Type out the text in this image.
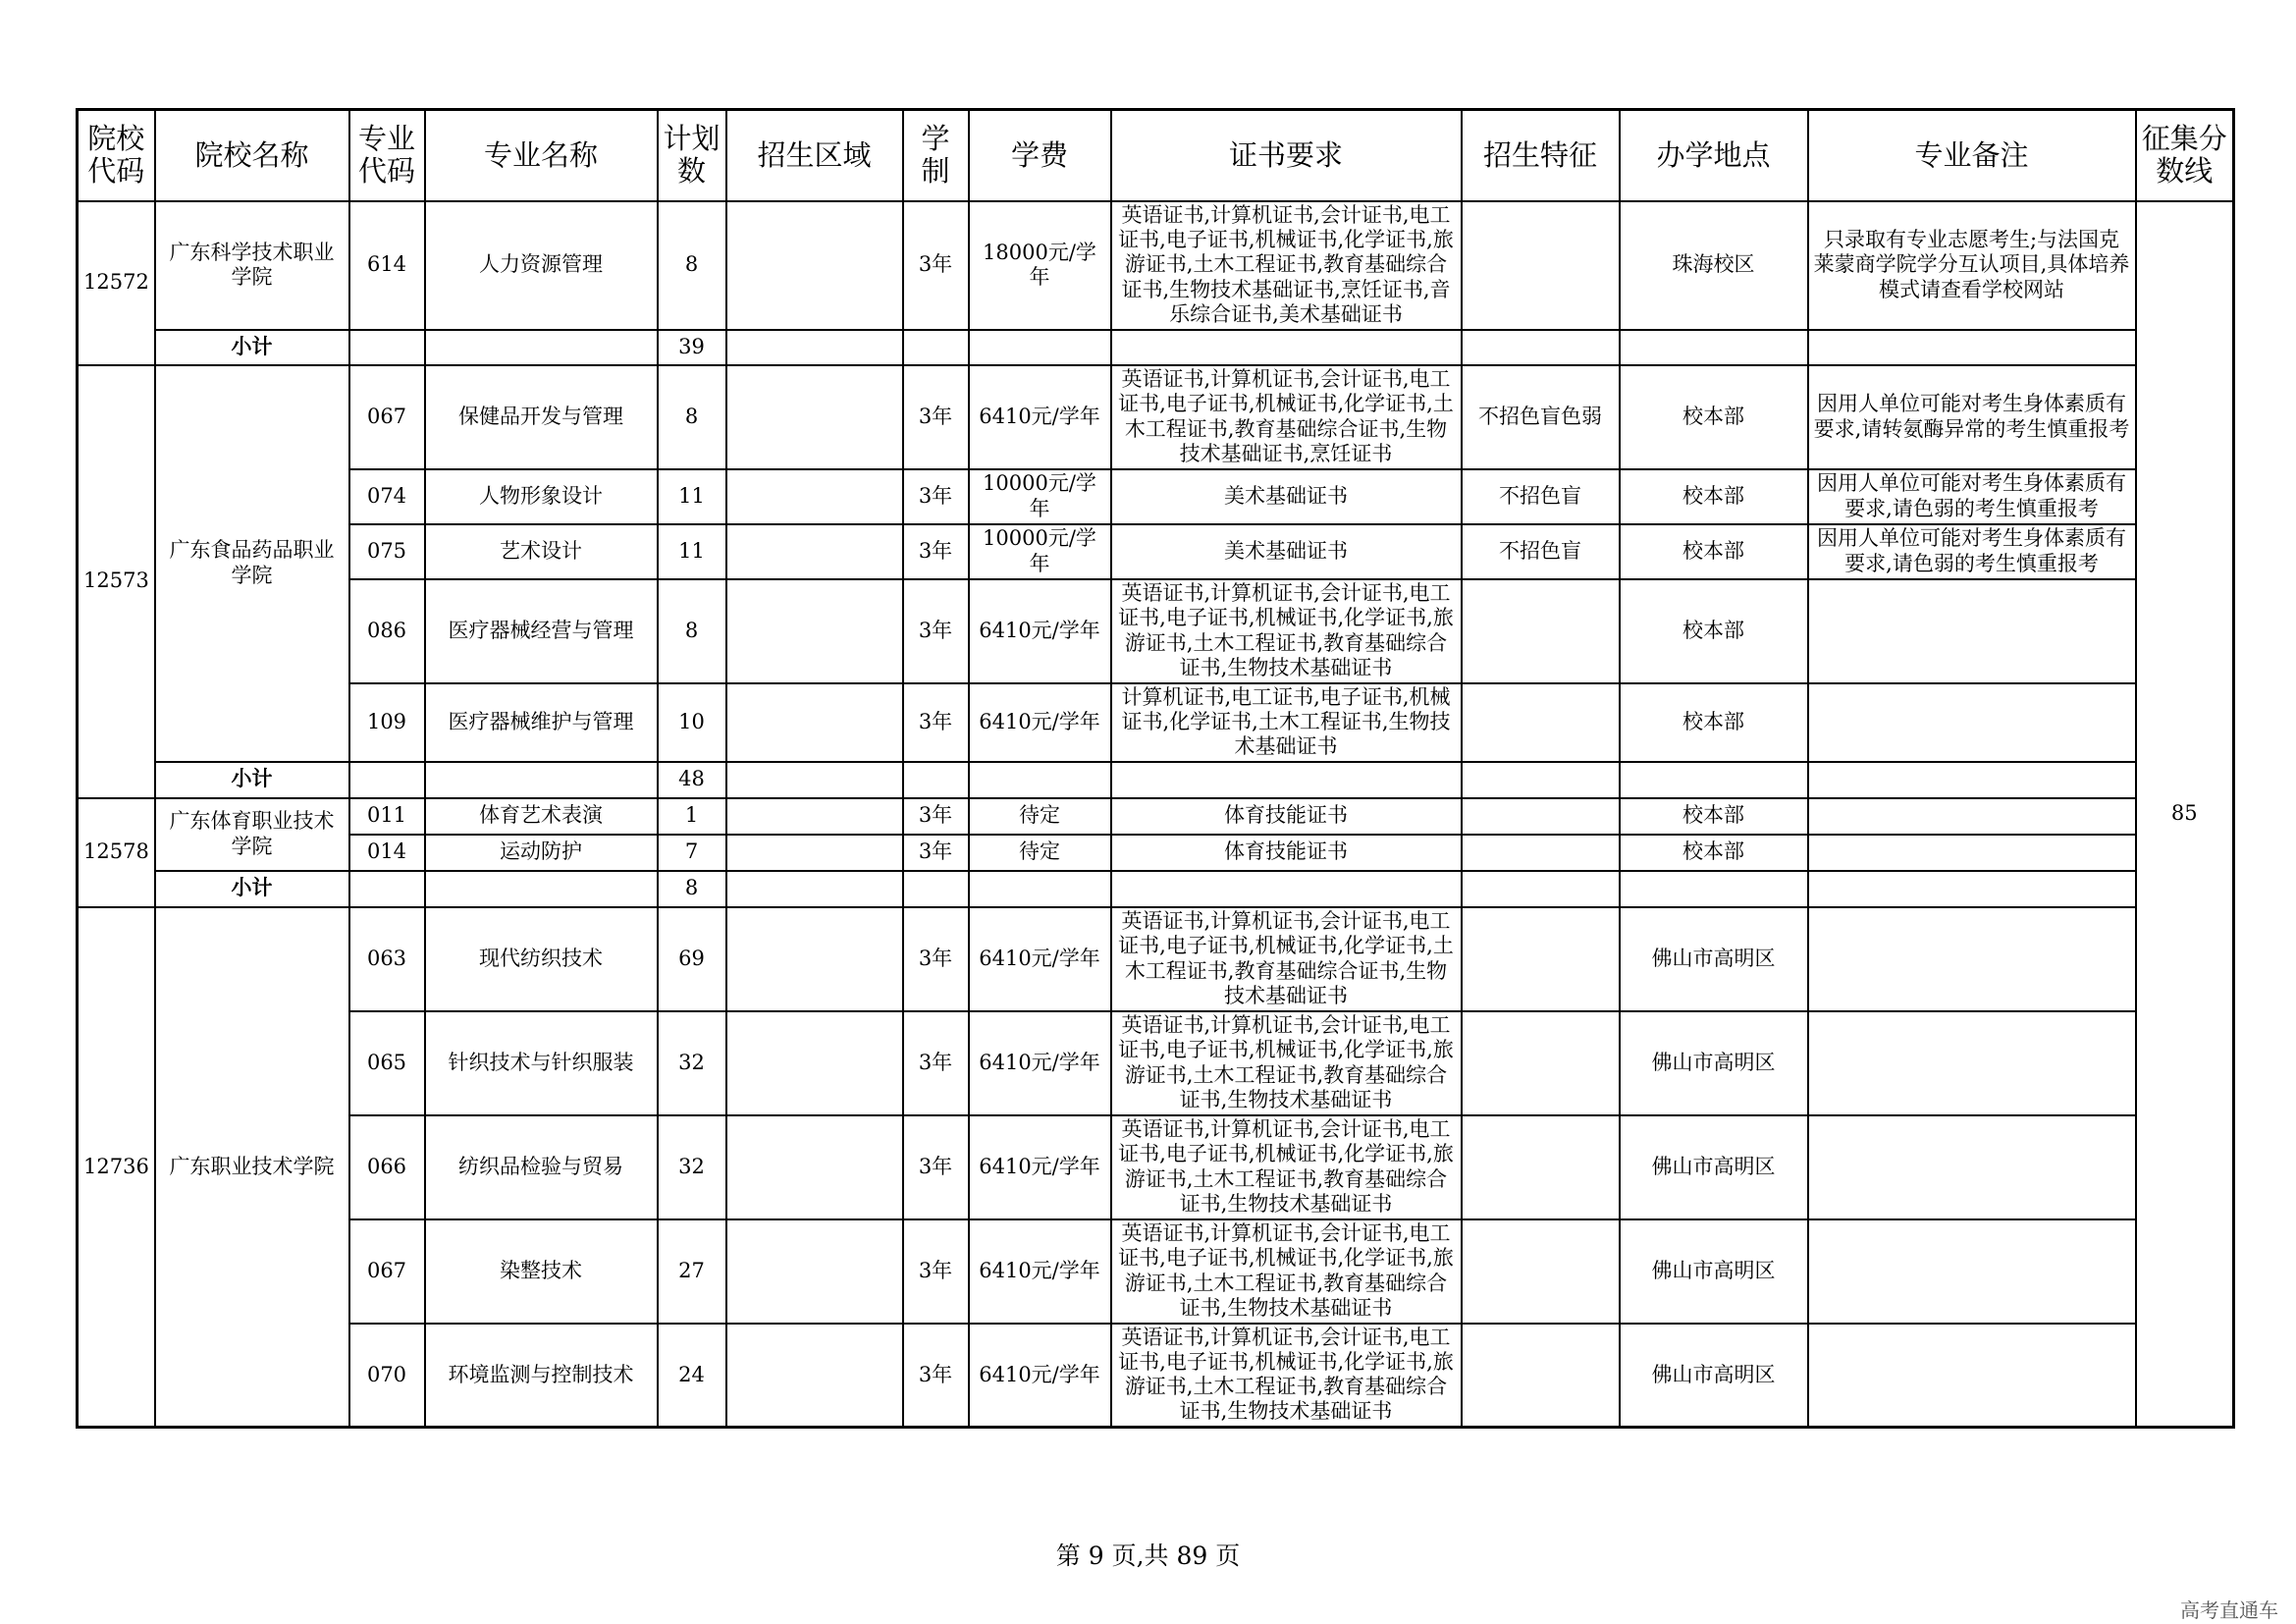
院校代码	院校名称	专业代码	专业名称	计划数	招生区域	学制	学费	证书要求	招生特征	办学地点	专业备注	征集分数线
12572	广东科学技术职业学院	614	人力资源管理	8		3年	18000元/学年	英语证书,计算机证书,会计证书,电工证书,电子证书,机械证书,化学证书,旅游证书,土木工程证书,教育基础综合证书,生物技术基础证书,烹饪证书,音乐综合证书,美术基础证书		珠海校区	只录取有专业志愿考生;与法国克莱蒙商学院学分互认项目,具体培养模式请查看学校网站	85
	小计			39								
12573	广东食品药品职业学院	067	保健品开发与管理	8		3年	6410元/学年	英语证书,计算机证书,会计证书,电工证书,电子证书,机械证书,化学证书,土木工程证书,教育基础综合证书,生物技术基础证书,烹饪证书	不招色盲色弱	校本部	因用人单位可能对考生身体素质有要求,请转氨酶异常的考生慎重报考	
		074	人物形象设计	11		3年	10000元/学年	美术基础证书	不招色盲	校本部	因用人单位可能对考生身体素质有要求,请色弱的考生慎重报考	
		075	艺术设计	11		3年	10000元/学年	美术基础证书	不招色盲	校本部	因用人单位可能对考生身体素质有要求,请色弱的考生慎重报考	
		086	医疗器械经营与管理	8		3年	6410元/学年	英语证书,计算机证书,会计证书,电工证书,电子证书,机械证书,化学证书,旅游证书,土木工程证书,教育基础综合证书,生物技术基础证书		校本部		
		109	医疗器械维护与管理	10		3年	6410元/学年	计算机证书,电工证书,电子证书,机械证书,化学证书,土木工程证书,生物技术基础证书		校本部		
	小计			48								
12578	广东体育职业技术学院	011	体育艺术表演	1		3年	待定	体育技能证书		校本部		
		014	运动防护	7		3年	待定	体育技能证书		校本部		
	小计			8								
12736	广东职业技术学院	063	现代纺织技术	69		3年	6410元/学年	英语证书,计算机证书,会计证书,电工证书,电子证书,机械证书,化学证书,土木工程证书,教育基础综合证书,生物技术基础证书		佛山市高明区		
		065	针织技术与针织服装	32		3年	6410元/学年	英语证书,计算机证书,会计证书,电工证书,电子证书,机械证书,化学证书,旅游证书,土木工程证书,教育基础综合证书,生物技术基础证书		佛山市高明区		
		066	纺织品检验与贸易	32		3年	6410元/学年	英语证书,计算机证书,会计证书,电工证书,电子证书,机械证书,化学证书,旅游证书,土木工程证书,教育基础综合证书,生物技术基础证书		佛山市高明区		
		067	染整技术	27		3年	6410元/学年	英语证书,计算机证书,会计证书,电工证书,电子证书,机械证书,化学证书,旅游证书,土木工程证书,教育基础综合证书,生物技术基础证书		佛山市高明区		
		070	环境监测与控制技术	24		3年	6410元/学年	英语证书,计算机证书,会计证书,电工证书,电子证书,机械证书,化学证书,旅游证书,土木工程证书,教育基础综合证书,生物技术基础证书		佛山市高明区		
第 9 页,共 89 页
高考直通车
